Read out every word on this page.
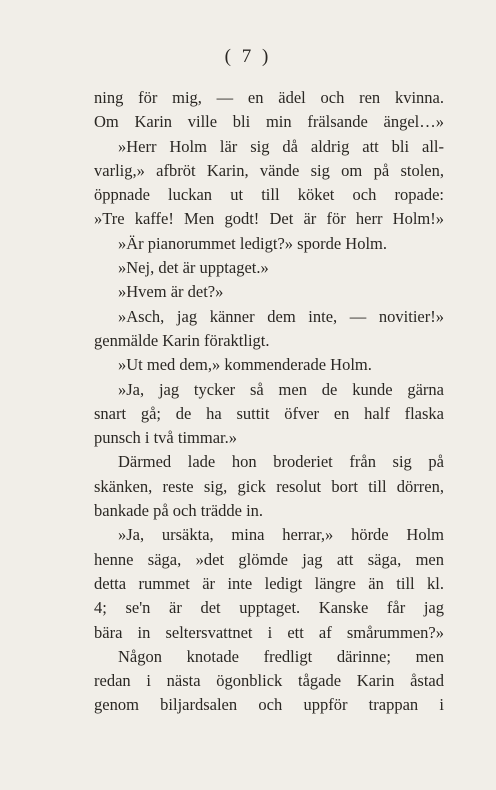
( 7 )
ning för mig, — en ädel och ren kvinna.
Om Karin ville bli min frälsande ängel…»
»Herr Holm lär sig då aldrig att bli all-
varlig,» afbröt Karin, vände sig om på stolen,
öppnade luckan ut till köket och ropade:
»Tre kaffe! Men godt! Det är för herr Holm!»
»Är pianorummet ledigt?» sporde Holm.
»Nej, det är upptaget.»
»Hvem är det?»
»Asch, jag känner dem inte, — novitier!»
genmälde Karin föraktligt.
»Ut med dem,» kommenderade Holm.
»Ja, jag tycker så men de kunde gärna
snart gå; de ha suttit öfver en half flaska
punsch i två timmar.»
Därmed lade hon broderiet från sig på
skänken, reste sig, gick resolut bort till dörren,
bankade på och trädde in.
»Ja, ursäkta, mina herrar,» hörde Holm
henne säga, »det glömde jag att säga, men
detta rummet är inte ledigt längre än till kl.
4; se'n är det upptaget. Kanske får jag
bära in seltersvattnet i ett af smårummen?»
Någon knotade fredligt därinne; men
redan i nästa ögonblick tågade Karin åstad
genom biljardsalen och uppför trappan i
